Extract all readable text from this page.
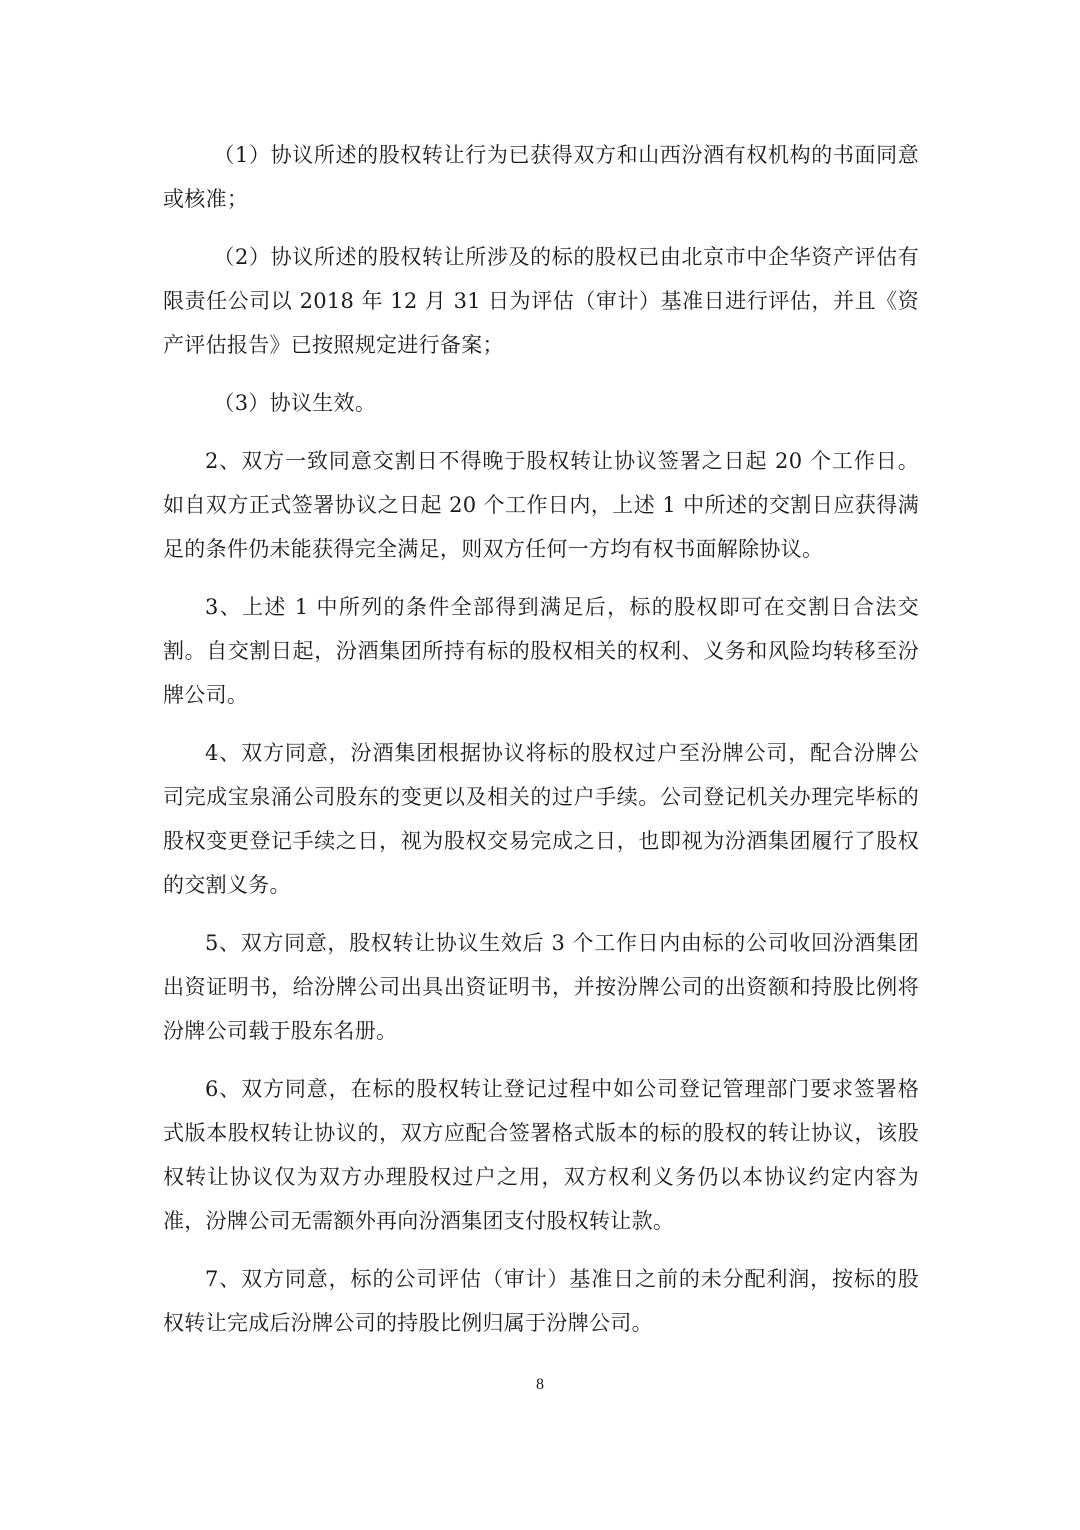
（1）协议所述的股权转让行为已获得双方和山西汾酒有权机构的书面同意或核准；

（2）协议所述的股权转让所涉及的标的股权已由北京市中企华资产评估有限责任公司以 2018 年 12 月 31 日为评估（审计）基准日进行评估，并且《资产评估报告》已按照规定进行备案；

（3）协议生效。

2、双方一致同意交割日不得晚于股权转让协议签署之日起 20 个工作日。如自双方正式签署协议之日起 20 个工作日内，上述 1 中所述的交割日应获得满足的条件仍未能获得完全满足，则双方任何一方均有权书面解除协议。

3、上述 1 中所列的条件全部得到满足后，标的股权即可在交割日合法交割。自交割日起，汾酒集团所持有标的股权相关的权利、义务和风险均转移至汾牌公司。

4、双方同意，汾酒集团根据协议将标的股权过户至汾牌公司，配合汾牌公司完成宝泉涌公司股东的变更以及相关的过户手续。公司登记机关办理完毕标的股权变更登记手续之日，视为股权交易完成之日，也即视为汾酒集团履行了股权的交割义务。

5、双方同意，股权转让协议生效后 3 个工作日内由标的公司收回汾酒集团出资证明书，给汾牌公司出具出资证明书，并按汾牌公司的出资额和持股比例将汾牌公司载于股东名册。

6、双方同意，在标的股权转让登记过程中如公司登记管理部门要求签署格式版本股权转让协议的，双方应配合签署格式版本的标的股权的转让协议，该股权转让协议仅为双方办理股权过户之用，双方权利义务仍以本协议约定内容为准，汾牌公司无需额外再向汾酒集团支付股权转让款。

7、双方同意，标的公司评估（审计）基准日之前的未分配利润，按标的股权转让完成后汾牌公司的持股比例归属于汾牌公司。

8
